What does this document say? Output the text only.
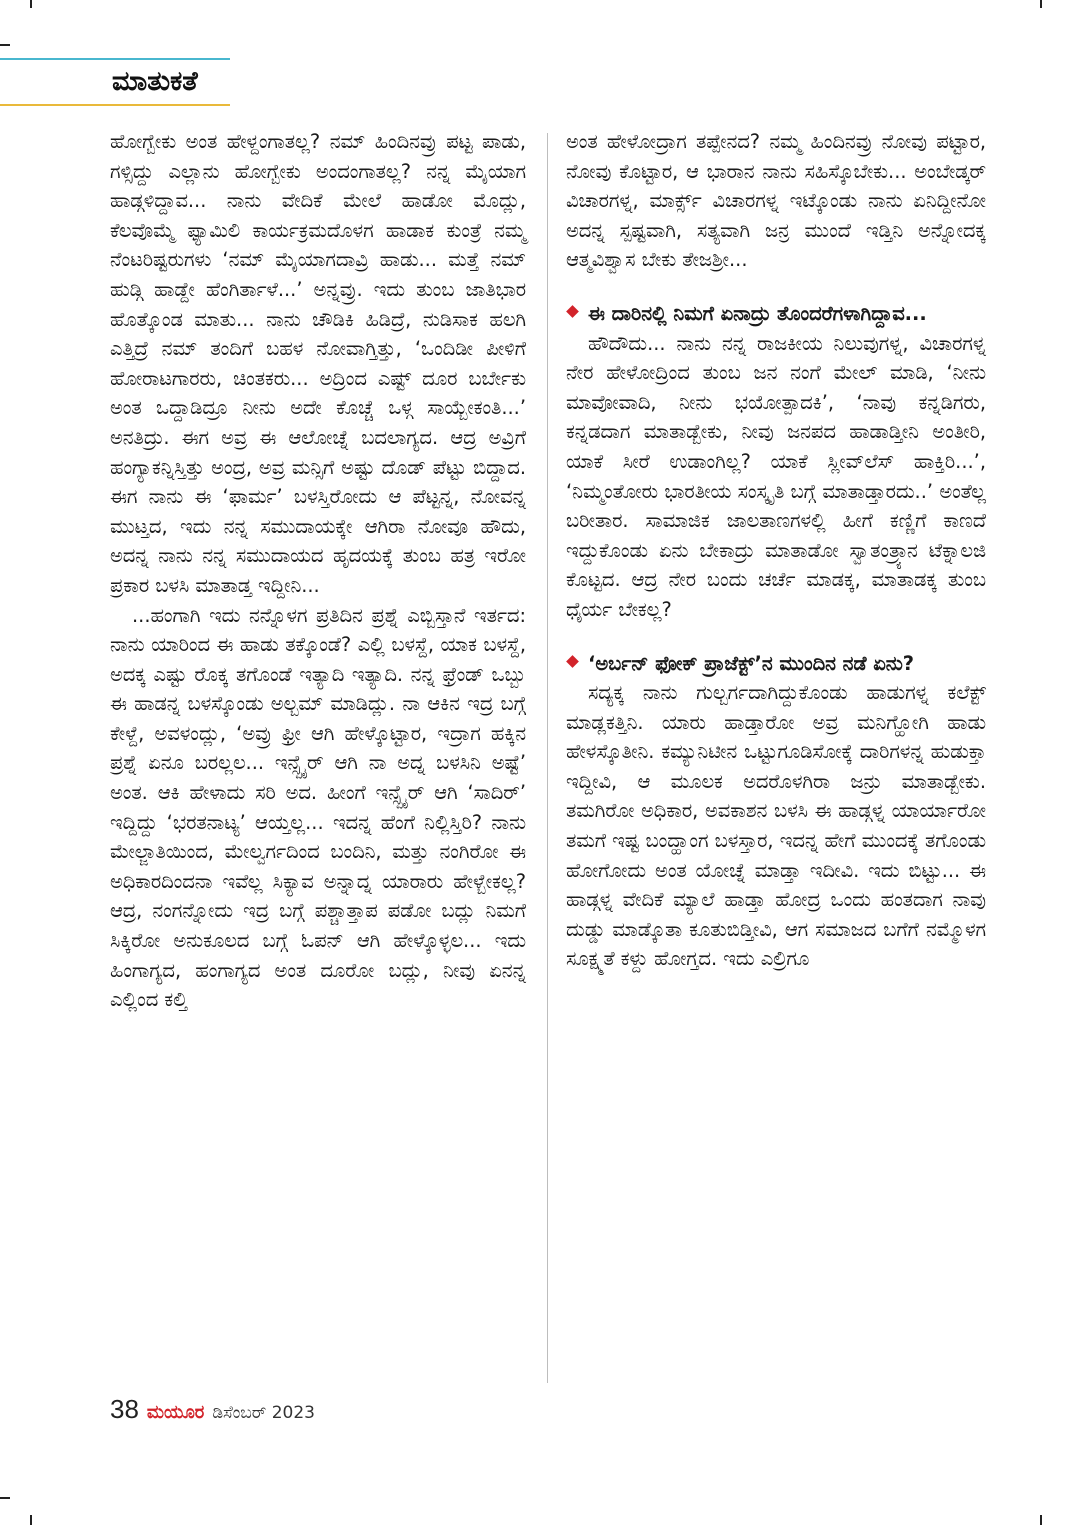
ಮಾತುಕತೆ

ಹೋಗ್ಬೇಕು ಅಂತ ಹೇಳ್ದಂಗಾತಲ್ಲ? ನಮ್ ಹಿಂದಿನವ್ರು ಪಟ್ಟ ಪಾಡು, ಗಳ್ಸಿದ್ದು ಎಲ್ಲಾನು ಹೋಗ್ಬೇಕು ಅಂದಂಗಾತಲ್ಲ? ನನ್ನ ಮೈಯಾಗ ಹಾಡ್ಗಳಿದ್ದಾವ... ನಾನು ವೇದಿಕೆ ಮೇಲೆ ಹಾಡೋ ಮೊದ್ಲು, ಕೆಲವೊಮ್ಮೆ ಫ್ಯಾಮಿಲಿ ಕಾರ್ಯಕ್ರಮದೊಳಗ ಹಾಡಾಕ ಕುಂತ್ರೆ ನಮ್ಮ ನೆಂಟರಿಷ್ಟರುಗಳು ‘ನಮ್ ಮೈಯಾಗದಾವ್ರಿ ಹಾಡು... ಮತ್ತೆ ನಮ್ ಹುಡ್ಗಿ ಹಾಡ್ದೇ ಹೆಂಗಿರ್ತಾಳೆ...’ ಅನ್ನವ್ರು. ಇದು ತುಂಬ ಜಾತಿಭಾರ ಹೊತ್ಕೊಂಡ ಮಾತು... ನಾನು ಚೌಡಿಕಿ ಹಿಡಿದ್ರೆ, ನುಡಿಸಾಕ ಹಲಗಿ ಎತ್ತಿದ್ರೆ ನಮ್ ತಂದಿಗೆ ಬಹಳ ನೋವಾಗ್ತಿತ್ತು, ‘ಒಂದಿಡೀ ಪೀಳಿಗೆ ಹೋರಾಟಗಾರರು, ಚಿಂತಕರು... ಅದ್ರಿಂದ ಎಷ್ಟ್ ದೂರ ಬರ್ಬೇಕು ಅಂತ ಒದ್ದಾಡಿದ್ರೂ ನೀನು ಅದೇ ಕೊಚ್ಚೆ ಒಳ್ಗ ಸಾಯ್ಬೇಕಂತಿ...’ ಅನತಿದ್ರು. ಈಗ ಅವ್ರ ಈ ಆಲೋಚ್ನೆ ಬದಲಾಗ್ಯದ. ಆದ್ರ ಅವ್ರಿಗೆ ಹಂಗ್ಯಾಕನ್ನಿಸ್ತಿತ್ತು ಅಂದ್ರ, ಅವ್ರ ಮನ್ಸಿಗೆ ಅಷ್ಟು ದೊಡ್ ಪೆಟ್ಟು ಬಿದ್ದಾದ. ಈಗ ನಾನು ಈ ‘ಫಾರ್ಮ’ ಬಳಸ್ತಿರೋದು ಆ ಪೆಟ್ಟನ್ನ, ನೋವನ್ನ ಮುಟ್ತದ, ಇದು ನನ್ನ ಸಮುದಾಯಕ್ಕೇ ಆಗಿರಾ ನೋವೂ ಹೌದು, ಅದನ್ನ ನಾನು ನನ್ನ ಸಮುದಾಯದ ಹೃದಯಕ್ಕೆ ತುಂಬ ಹತ್ರ ಇರೋ ಪ್ರಕಾರ ಬಳಸಿ ಮಾತಾಡ್ತ ಇದ್ದೀನಿ...

...ಹಂಗಾಗಿ ಇದು ನನ್ನೊಳಗ ಪ್ರತಿದಿನ ಪ್ರಶ್ನೆ ಎಬ್ಬಿಸ್ತಾನೆ ಇರ್ತದ: ನಾನು ಯಾರಿಂದ ಈ ಹಾಡು ತಕ್ಕೊಂಡೆ? ಎಲ್ಲಿ ಬಳಸ್ದೆ, ಯಾಕ ಬಳಸ್ದೆ, ಅದಕ್ಕ ಎಷ್ಟು ರೊಕ್ಕ ತಗೊಂಡೆ ಇತ್ಯಾದಿ ಇತ್ಯಾದಿ. ನನ್ನ ಫ್ರೆಂಡ್ ಒಬ್ಬು ಈ ಹಾಡನ್ನ ಬಳಸ್ಕೊಂಡು ಅಲ್ಬಮ್ ಮಾಡಿದ್ಲು. ನಾ ಆಕಿನ ಇದ್ರ ಬಗ್ಗೆ ಕೇಳ್ದೆ, ಅವಳಂದ್ಲು, ‘ಅವ್ರು ಫ್ರೀ ಆಗಿ ಹೇಳ್ಕೊಟ್ಟಾರ, ಇದ್ರಾಗ ಹಕ್ಕಿನ ಪ್ರಶ್ನೆ ಏನೂ ಬರಲ್ಲಲ... ಇನ್ಸ್ಪೈರ್ ಆಗಿ ನಾ ಅದ್ನ ಬಳಸಿನಿ ಅಷ್ಟೆ’ ಅಂತ. ಆಕಿ ಹೇಳಾದು ಸರಿ ಅದ. ಹೀಂಗೆ ಇನ್ಸ್ಪೈರ್ ಆಗಿ ‘ಸಾದಿರ್’ ಇದ್ದಿದ್ದು ‘ಭರತನಾಟ್ಯ’ ಆಯ್ತಲ್ಲ... ಇದನ್ನ ಹೆಂಗೆ ನಿಲ್ಲಿಸ್ತಿರಿ? ನಾನು ಮೇಲ್ಜಾತಿಯಿಂದ, ಮೇಲ್ವರ್ಗದಿಂದ ಬಂದಿನಿ, ಮತ್ತು ನಂಗಿರೋ ಈ ಅಧಿಕಾರದಿಂದನಾ ಇವೆಲ್ಲ ಸಿಕ್ಯಾವ ಅನ್ನಾದ್ನ ಯಾರಾರು ಹೇಳ್ಬೇಕಲ್ಲ? ಆದ್ರ, ನಂಗನ್ನೋದು ಇದ್ರ ಬಗ್ಗೆ ಪಶ್ಚಾತ್ತಾಪ ಪಡೋ ಬದ್ಲು ನಿಮಗೆ ಸಿಕ್ಕಿರೋ ಅನುಕೂಲದ ಬಗ್ಗೆ ಓಪನ್ ಆಗಿ ಹೇಳ್ಕೊಳ್ಳಲ... ಇದು ಹಿಂಗಾಗ್ಯದ, ಹಂಗಾಗ್ಯದ ಅಂತ ದೂರೋ ಬದ್ಲು, ನೀವು ಏನನ್ನ ಎಲ್ಲಿಂದ ಕಲ್ತಿ

ಅಂತ ಹೇಳೋದ್ರಾಗ ತಪ್ಪೇನದ? ನಮ್ಮ ಹಿಂದಿನವ್ರು ನೋವು ಪಟ್ಟಾರ, ನೋವು ಕೊಟ್ಟಾರ, ಆ ಭಾರಾನ ನಾನು ಸಹಿಸ್ಕೊಬೇಕು... ಅಂಬೇಡ್ಕರ್ ವಿಚಾರಗಳ್ನ, ಮಾರ್ಕ್ಸ್ ವಿಚಾರಗಳ್ನ ಇಟ್ಕೊಂಡು ನಾನು ಏನಿದ್ದೀನೋ ಅದನ್ನ ಸ್ಪಷ್ಟವಾಗಿ, ಸತ್ಯವಾಗಿ ಜನ್ರ ಮುಂದೆ ಇಡ್ತಿನಿ ಅನ್ನೋದಕ್ಕ ಆತ್ಮವಿಶ್ವಾಸ ಬೇಕು ತೇಜಶ್ರೀ...

ಈ ದಾರಿನಲ್ಲಿ ನಿಮಗೆ ಏನಾದ್ರು ತೊಂದರೆಗಳಾಗಿದ್ದಾವ...

ಹೌದೌದು... ನಾನು ನನ್ನ ರಾಜಕೀಯ ನಿಲುವುಗಳ್ನ, ವಿಚಾರಗಳ್ನ ನೇರ ಹೇಳೋದ್ರಿಂದ ತುಂಬ ಜನ ನಂಗೆ ಮೇಲ್ ಮಾಡಿ, ‘ನೀನು ಮಾವೋವಾದಿ, ನೀನು ಭಯೋತ್ಪಾದಕಿ’, ‘ನಾವು ಕನ್ನಡಿಗರು, ಕನ್ನಡದಾಗ ಮಾತಾಡ್ಬೇಕು, ನೀವು ಜನಪದ ಹಾಡಾಡ್ತೀನಿ ಅಂತೀರಿ, ಯಾಕೆ ಸೀರೆ ಉಡಾಂಗಿಲ್ಲ? ಯಾಕೆ ಸ್ಲೀವ್‌ಲೆಸ್ ಹಾಕ್ತಿರಿ...’, ‘ನಿಮ್ಮಂತೋರು ಭಾರತೀಯ ಸಂಸ್ಕೃತಿ ಬಗ್ಗೆ ಮಾತಾಡ್ತಾರದು..’ ಅಂತೆಲ್ಲ ಬರೀತಾರ. ಸಾಮಾಜಿಕ ಜಾಲತಾಣಗಳಲ್ಲಿ ಹೀಗೆ ಕಣ್ಣಿಗೆ ಕಾಣದೆ ಇದ್ದುಕೊಂಡು ಏನು ಬೇಕಾದ್ರು ಮಾತಾಡೋ ಸ್ವಾತಂತ್ರ್ಯಾನ ಟೆಕ್ನಾಲಜಿ ಕೊಟ್ಟದ. ಆದ್ರ ನೇರ ಬಂದು ಚರ್ಚೆ ಮಾಡಕ್ಕ, ಮಾತಾಡಕ್ಕ ತುಂಬ ಧೈರ್ಯ ಬೇಕಲ್ಲ?

‘ಅರ್ಬನ್ ಫೋಕ್ ಪ್ರಾಜೆಕ್ಟ್’ನ ಮುಂದಿನ ನಡೆ ಏನು?

ಸದ್ಯಕ್ಕ ನಾನು ಗುಲ್ಬರ್ಗದಾಗಿದ್ದುಕೊಂಡು ಹಾಡುಗಳ್ನ ಕಲೆಕ್ಟ್ ಮಾಡ್ಲಕತ್ತಿನಿ. ಯಾರು ಹಾಡ್ತಾರೋ ಅವ್ರ ಮನಿಗ್ಹೋಗಿ ಹಾಡು ಹೇಳಸ್ಕೊತೀನಿ. ಕಮ್ಯುನಿಟೀನ ಒಟ್ಟುಗೂಡಿಸೋಕ್ಕೆ ದಾರಿಗಳನ್ನ ಹುಡುಕ್ತಾ ಇದ್ದೀವಿ, ಆ ಮೂಲಕ ಅದರೊಳಗಿರಾ ಜನ್ರು ಮಾತಾಡ್ಬೇಕು. ತಮಗಿರೋ ಅಧಿಕಾರ, ಅವಕಾಶನ ಬಳಸಿ ಈ ಹಾಡ್ಗಳ್ನ ಯಾರ್ಯಾರೋ ತಮಗೆ ಇಷ್ಟ ಬಂದ್ಹಾಂಗ ಬಳಸ್ತಾರ, ಇದನ್ನ ಹೇಗೆ ಮುಂದಕ್ಕೆ ತಗೊಂಡು ಹೋಗೋದು ಅಂತ ಯೋಚ್ನೆ ಮಾಡ್ತಾ ಇದೀವಿ. ಇದು ಬಿಟ್ಟು... ಈ ಹಾಡ್ಗಳ್ನ ವೇದಿಕೆ ಮ್ಯಾಲೆ ಹಾಡ್ತಾ ಹೋದ್ರ ಒಂದು ಹಂತದಾಗ ನಾವು ದುಡ್ಡು ಮಾಡ್ಕೊತಾ ಕೂತುಬಿಡ್ತೀವಿ, ಆಗ ಸಮಾಜದ ಬಗೆಗೆ ನಮ್ಮೊಳಗ ಸೂಕ್ಷ್ಮತೆ ಕಳ್ದು ಹೋಗ್ತದ. ಇದು ಎಲ್ರಿಗೂ

38 ಮಯೂರ ಡಿಸೆಂಬರ್ 2023
